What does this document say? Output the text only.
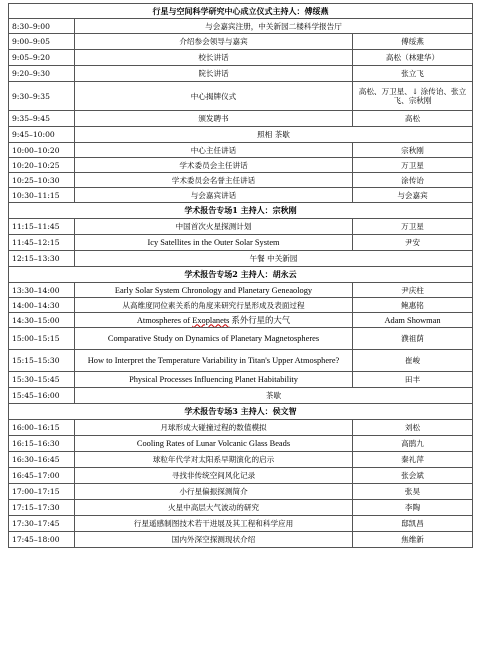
行星与空间科学研究中心成立仪式主持人：傅绥燕		
8:30–9:00	与会嘉宾注册，中关新园二楼科学报告厅	
9:00–9:05	介绍参会领导与嘉宾	傅绥燕
9:05–9:20	校长讲话	高松（林建华）
9:20–9:30	院长讲话	张立飞
9:30–9:35	中心揭牌仪式	高松、万卫星、↓ 涂传诒、张立飞、宗秋刚
9:35–9:45	颁发聘书	高松
9:45–10:00	照相 茶歇	
10:00–10:20	中心主任讲话	宗秋刚
10:20–10:25	学术委员会主任讲话	万卫星
10:25–10:30	学术委员会名誉主任讲话	涂传诒
10:30–11:15	与会嘉宾讲话	与会嘉宾
学术报告专场1 主持人：宗秋刚		
11:15–11:45	中国首次火星探测计划	万卫星
11:45–12:15	Icy Satellites in the Outer Solar System	尹安
12:15–13:30	午餐 中关新园	
学术报告专场2 主持人：胡永云		
13:30–14:00	Early Solar System Chronology and Planetary Geneaology	尹庆柱
14:00–14:30	从高维度同位素关系的角度来研究行星形成及表面过程	鲍惠铭
14:30–15:00	Atmospheres of Exoplanets 系外行星的大气	Adam Showman
15:00–15:15	Comparative Study on Dynamics of Planetary Magnetospheres	濮祖荫
15:15–15:30	How to Interpret the Temperature Variability in Titan's Upper Atmosphere?	崔峻
15:30–15:45	Physical Processes Influencing Planet Habitability	田丰
15:45–16:00	茶歇	
学术报告专场3 主持人：侯文智		
16:00–16:15	月球形成大碰撞过程的数值模拟	刘松
16:15–16:30	Cooling Rates of Lunar Volcanic Glass Beads	高鹃九
16:30–16:45	球粒年代学对太阳系早期演化的启示	秦礼萍
16:45–17:00	寻找非传统空间风化记录	张会斌
17:00–17:15	小行星偏振探测简介	张昊
17:15–17:30	火星中高层大气波动的研究	李陶
17:30–17:45	行星遥感制图技术若干进展及其工程和科学应用	邸凯昌
17:45–18:00	国内外深空探测现状介绍	焦维新
